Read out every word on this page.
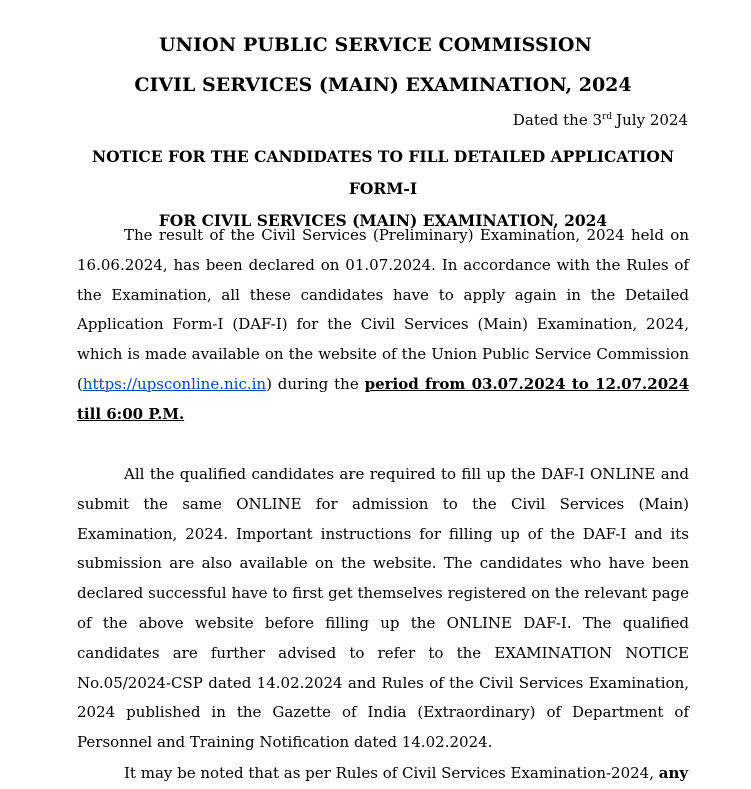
UNION PUBLIC SERVICE COMMISSION
CIVIL SERVICES (MAIN) EXAMINATION, 2024
Dated the 3rd July 2024
NOTICE FOR THE CANDIDATES TO FILL DETAILED APPLICATION FORM-I
FOR CIVIL SERVICES (MAIN) EXAMINATION, 2024

The result of the Civil Services (Preliminary) Examination, 2024 held on 16.06.2024, has been declared on 01.07.2024. In accordance with the Rules of the Examination, all these candidates have to apply again in the Detailed Application Form-I (DAF-I) for the Civil Services (Main) Examination, 2024, which is made available on the website of the Union Public Service Commission (https://upsconline.nic.in) during the period from 03.07.2024 to 12.07.2024 till 6:00 P.M.

All the qualified candidates are required to fill up the DAF-I ONLINE and submit the same ONLINE for admission to the Civil Services (Main) Examination, 2024. Important instructions for filling up of the DAF-I and its submission are also available on the website. The candidates who have been declared successful have to first get themselves registered on the relevant page of the above website before filling up the ONLINE DAF-I. The qualified candidates are further advised to refer to the EXAMINATION NOTICE No.05/2024-CSP dated 14.02.2024 and Rules of the Civil Services Examination, 2024 published in the Gazette of India (Extraordinary) of Department of Personnel and Training Notification dated 14.02.2024.

It may be noted that as per Rules of Civil Services Examination-2024, any
